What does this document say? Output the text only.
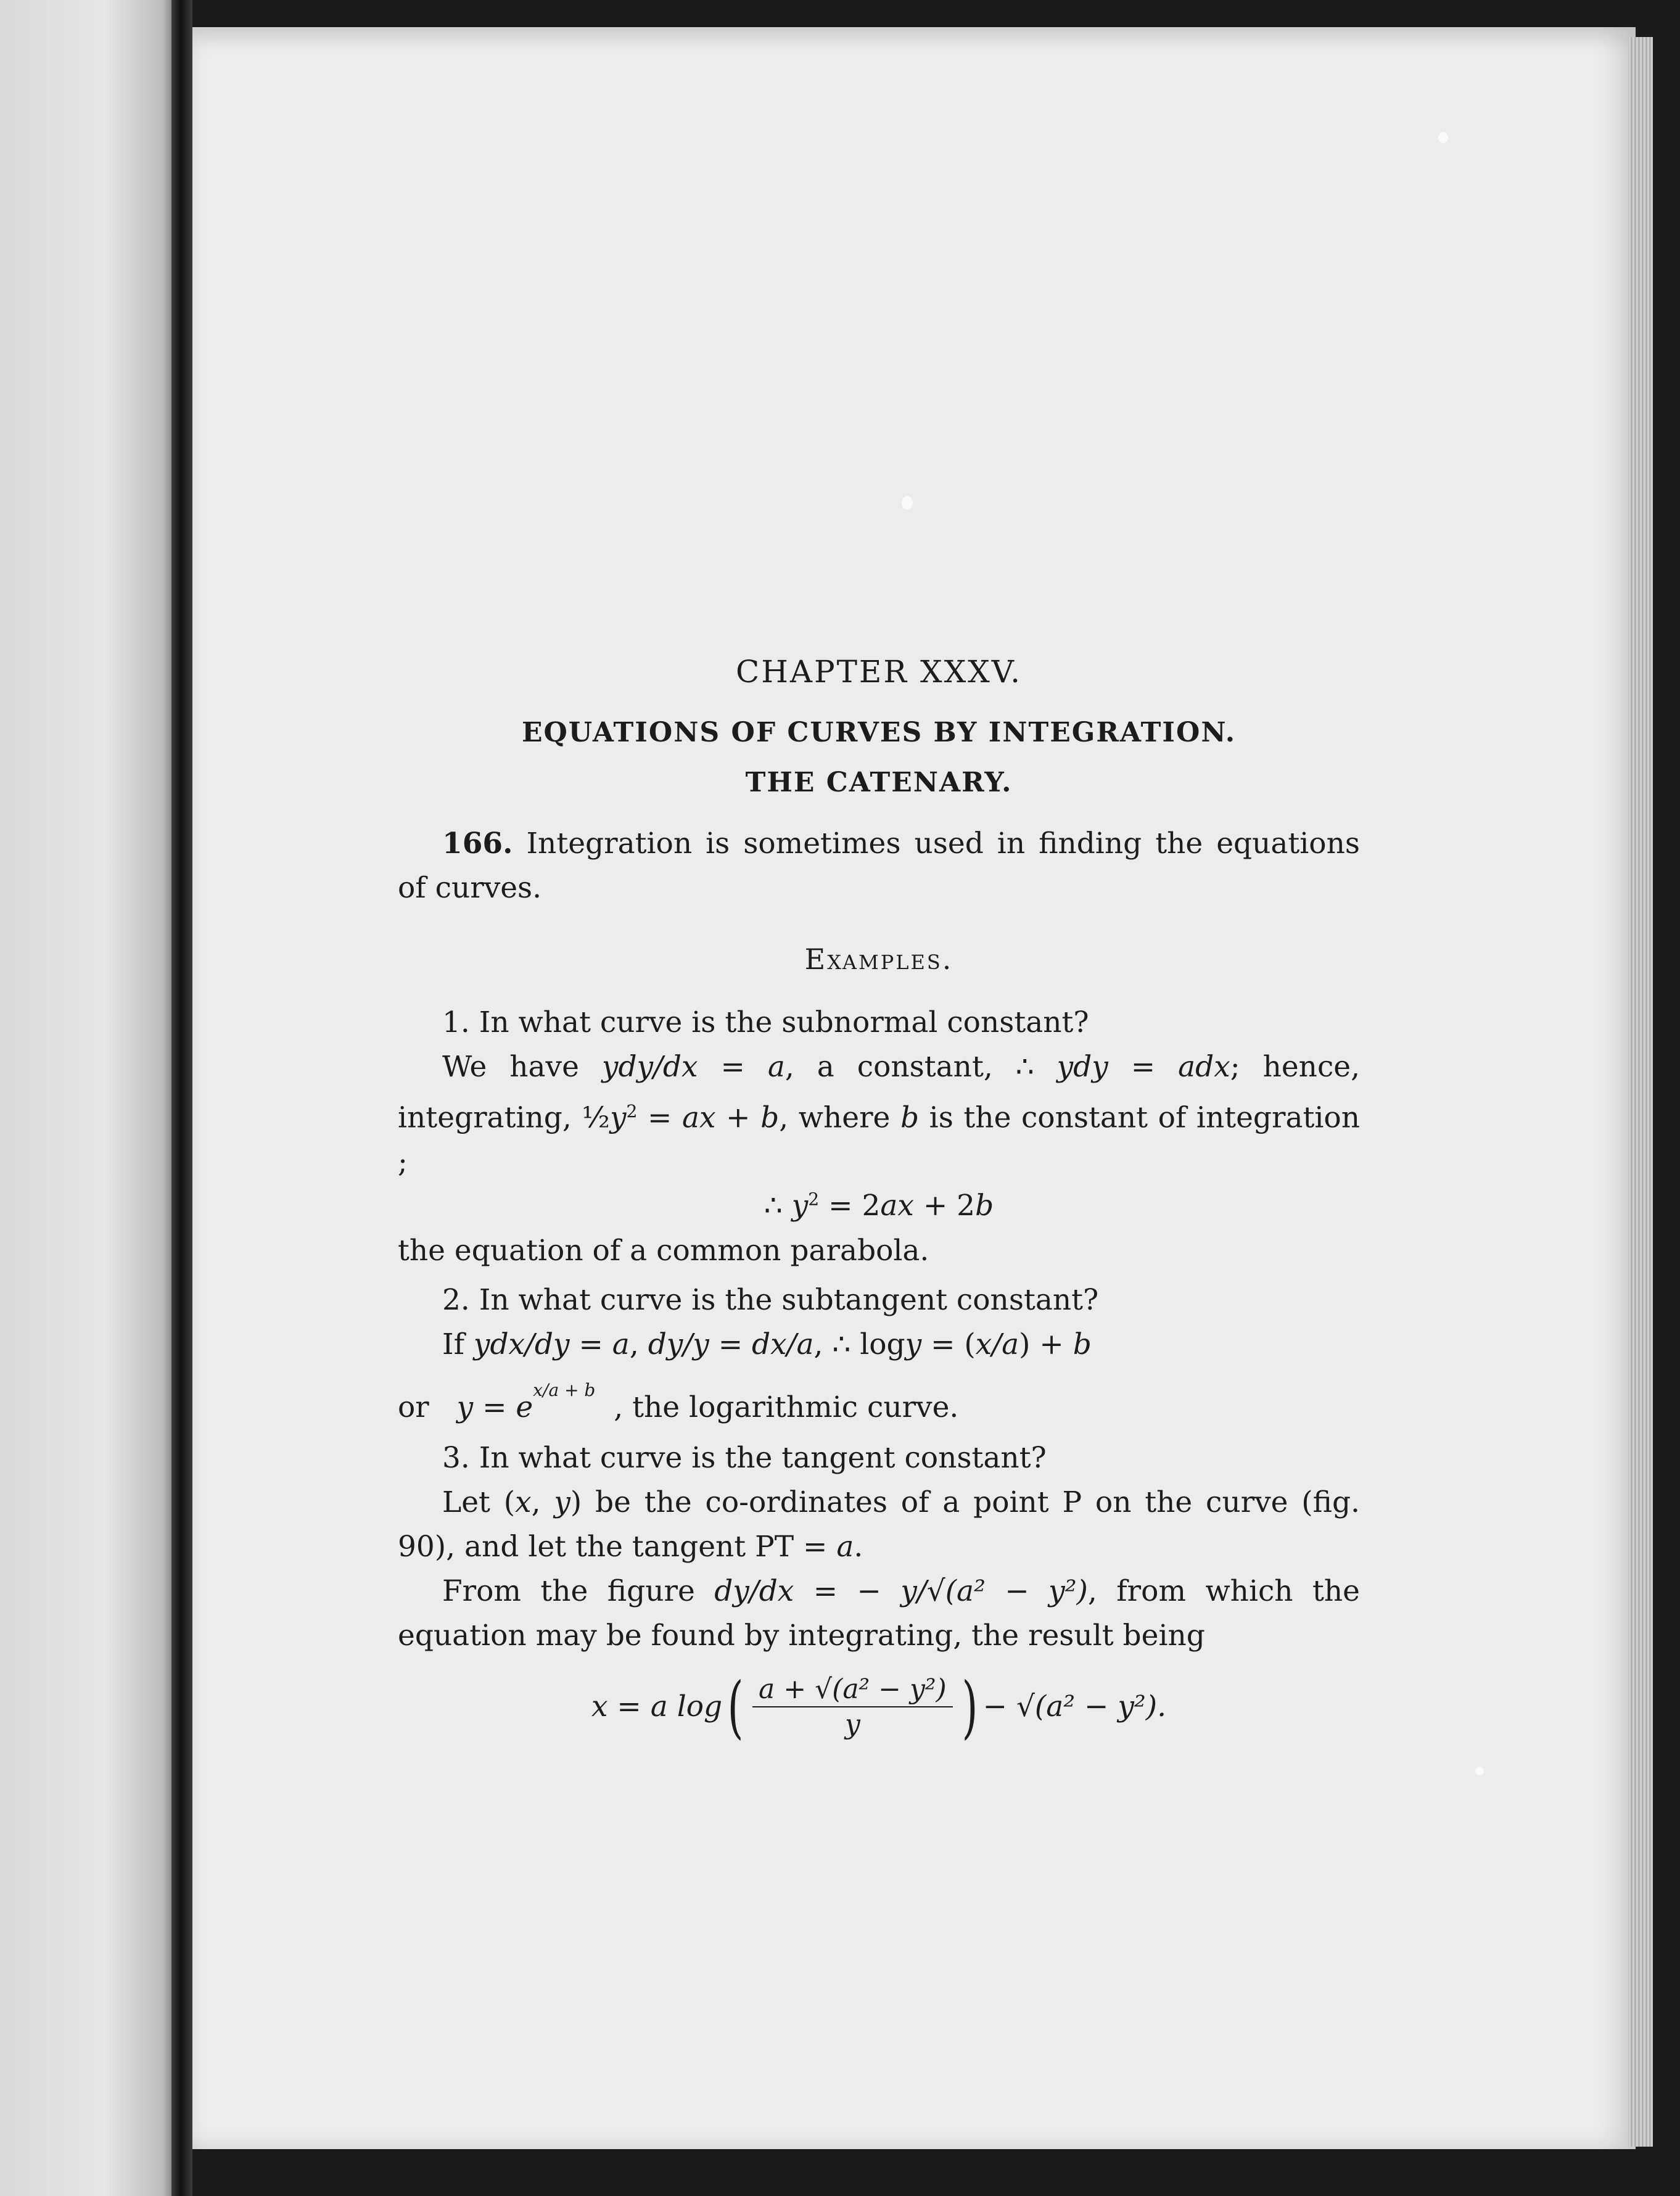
CHAPTER XXXV.
EQUATIONS OF CURVES BY INTEGRATION.
THE CATENARY.

166. Integration is sometimes used in finding the equations of curves.

Examples.

1. In what curve is the subnormal constant?

We have ydy/dx = a, a constant, ∴ ydy = adx; hence, integrating, $\frac{1}{2}y^2$ = ax + b, where b is the constant of integration ;

∴ $y^2 = 2ax + 2b$

the equation of a common parabola.

2. In what curve is the subtangent constant?

If ydx/dy = a, dy/y = dx/a, ∴ logy = (x/a) + b

or $y = e^{x/a + b}$  , the logarithmic curve.

3. In what curve is the tangent constant?

Let (x, y) be the co-ordinates of a point P on the curve (fig. 90), and let the tangent PT = a.

From the figure dy/dx = − y/√(a² − y²), from which the equation may be found by integrating, the result being

x = a log ( $\frac{\text{a + √(a² − y²)}}{y}$ ) − √(a² − y²).
